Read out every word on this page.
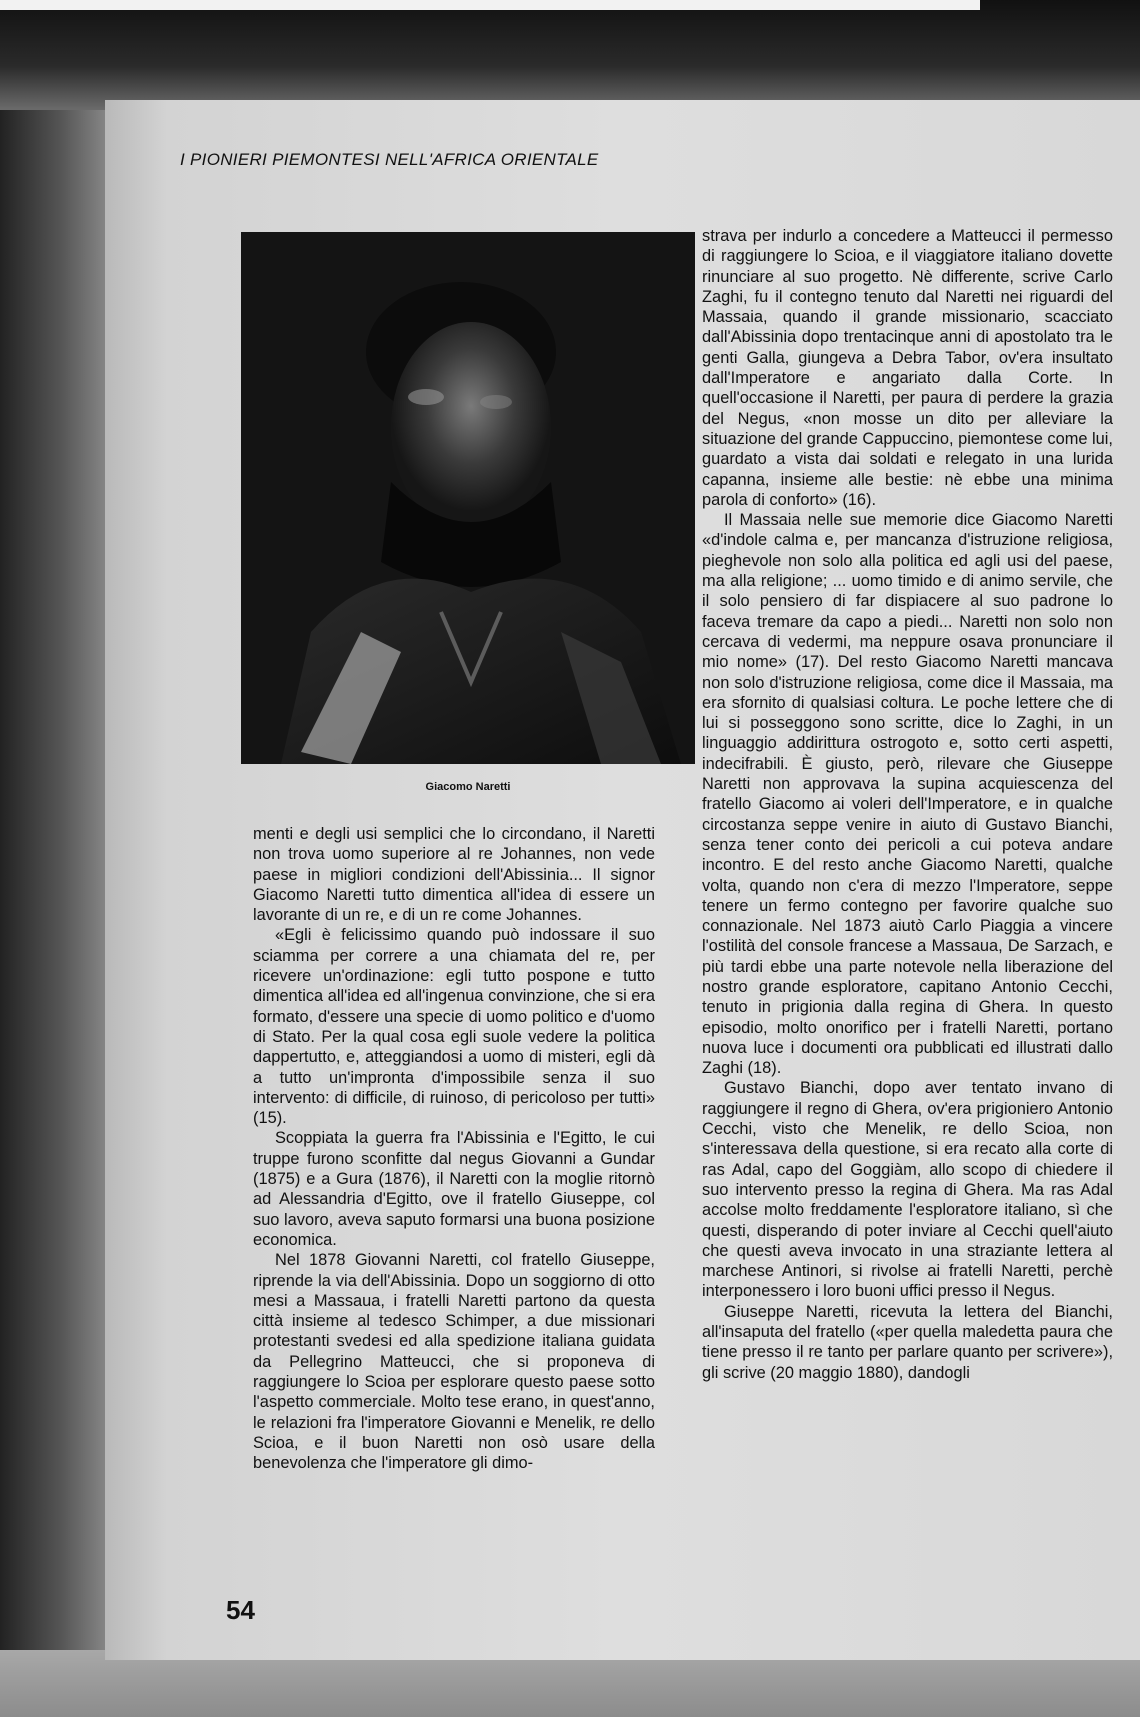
I PIONIERI PIEMONTESI NELL'AFRICA ORIENTALE
Giacomo Naretti

menti e degli usi semplici che lo circondano, il Naretti non trova uomo superiore al re Johannes, non vede paese in migliori condizioni dell'Abissinia... Il signor Giacomo Naretti tutto dimentica all'idea di essere un lavorante di un re, e di un re come Johannes.

«Egli è felicissimo quando può indossare il suo sciamma per correre a una chiamata del re, per ricevere un'ordinazione: egli tutto pospone e tutto dimentica all'idea ed all'ingenua convinzione, che si era formato, d'essere una specie di uomo politico e d'uomo di Stato. Per la qual cosa egli suole vedere la politica dappertutto, e, atteggiandosi a uomo di misteri, egli dà a tutto un'impronta d'impossibile senza il suo intervento: di difficile, di ruinoso, di pericoloso per tutti» (15).

Scoppiata la guerra fra l'Abissinia e l'Egitto, le cui truppe furono sconfitte dal negus Giovanni a Gundar (1875) e a Gura (1876), il Naretti con la moglie ritornò ad Alessandria d'Egitto, ove il fratello Giuseppe, col suo lavoro, aveva saputo formarsi una buona posizione economica.

Nel 1878 Giovanni Naretti, col fratello Giuseppe, riprende la via dell'Abissinia. Dopo un soggiorno di otto mesi a Massaua, i fratelli Naretti partono da questa città insieme al tedesco Schimper, a due missionari protestanti svedesi ed alla spedizione italiana guidata da Pellegrino Matteucci, che si proponeva di raggiungere lo Scioa per esplorare questo paese sotto l'aspetto commerciale. Molto tese erano, in quest'anno, le relazioni fra l'imperatore Giovanni e Menelik, re dello Scioa, e il buon Naretti non osò usare della benevolenza che l'imperatore gli dimo-

strava per indurlo a concedere a Matteucci il permesso di raggiungere lo Scioa, e il viaggiatore italiano dovette rinunciare al suo progetto. Nè differente, scrive Carlo Zaghi, fu il contegno tenuto dal Naretti nei riguardi del Massaia, quando il grande missionario, scacciato dall'Abissinia dopo trentacinque anni di apostolato tra le genti Galla, giungeva a Debra Tabor, ov'era insultato dall'Imperatore e angariato dalla Corte. In quell'occasione il Naretti, per paura di perdere la grazia del Negus, «non mosse un dito per alleviare la situazione del grande Cappuccino, piemontese come lui, guardato a vista dai soldati e relegato in una lurida capanna, insieme alle bestie: nè ebbe una minima parola di conforto» (16).

Il Massaia nelle sue memorie dice Giacomo Naretti «d'indole calma e, per mancanza d'istruzione religiosa, pieghevole non solo alla politica ed agli usi del paese, ma alla religione; ... uomo timido e di animo servile, che il solo pensiero di far dispiacere al suo padrone lo faceva tremare da capo a piedi... Naretti non solo non cercava di vedermi, ma neppure osava pronunciare il mio nome» (17). Del resto Giacomo Naretti mancava non solo d'istruzione religiosa, come dice il Massaia, ma era sfornito di qualsiasi coltura. Le poche lettere che di lui si posseggono sono scritte, dice lo Zaghi, in un linguaggio addirittura ostrogoto e, sotto certi aspetti, indecifrabili. È giusto, però, rilevare che Giuseppe Naretti non approvava la supina acquiescenza del fratello Giacomo ai voleri dell'Imperatore, e in qualche circostanza seppe venire in aiuto di Gustavo Bianchi, senza tener conto dei pericoli a cui poteva andare incontro. E del resto anche Giacomo Naretti, qualche volta, quando non c'era di mezzo l'Imperatore, seppe tenere un fermo contegno per favorire qualche suo connazionale. Nel 1873 aiutò Carlo Piaggia a vincere l'ostilità del console francese a Massaua, De Sarzach, e più tardi ebbe una parte notevole nella liberazione del nostro grande esploratore, capitano Antonio Cecchi, tenuto in prigionia dalla regina di Ghera. In questo episodio, molto onorifico per i fratelli Naretti, portano nuova luce i documenti ora pubblicati ed illustrati dallo Zaghi (18).

Gustavo Bianchi, dopo aver tentato invano di raggiungere il regno di Ghera, ov'era prigioniero Antonio Cecchi, visto che Menelik, re dello Scioa, non s'interessava della questione, si era recato alla corte di ras Adal, capo del Goggiàm, allo scopo di chiedere il suo intervento presso la regina di Ghera. Ma ras Adal accolse molto freddamente l'esploratore italiano, sì che questi, disperando di poter inviare al Cecchi quell'aiuto che questi aveva invocato in una straziante lettera al marchese Antinori, si rivolse ai fratelli Naretti, perchè interponessero i loro buoni uffici presso il Negus.

Giuseppe Naretti, ricevuta la lettera del Bianchi, all'insaputa del fratello («per quella maledetta paura che tiene presso il re tanto per parlare quanto per scrivere»), gli scrive (20 maggio 1880), dandogli

54
